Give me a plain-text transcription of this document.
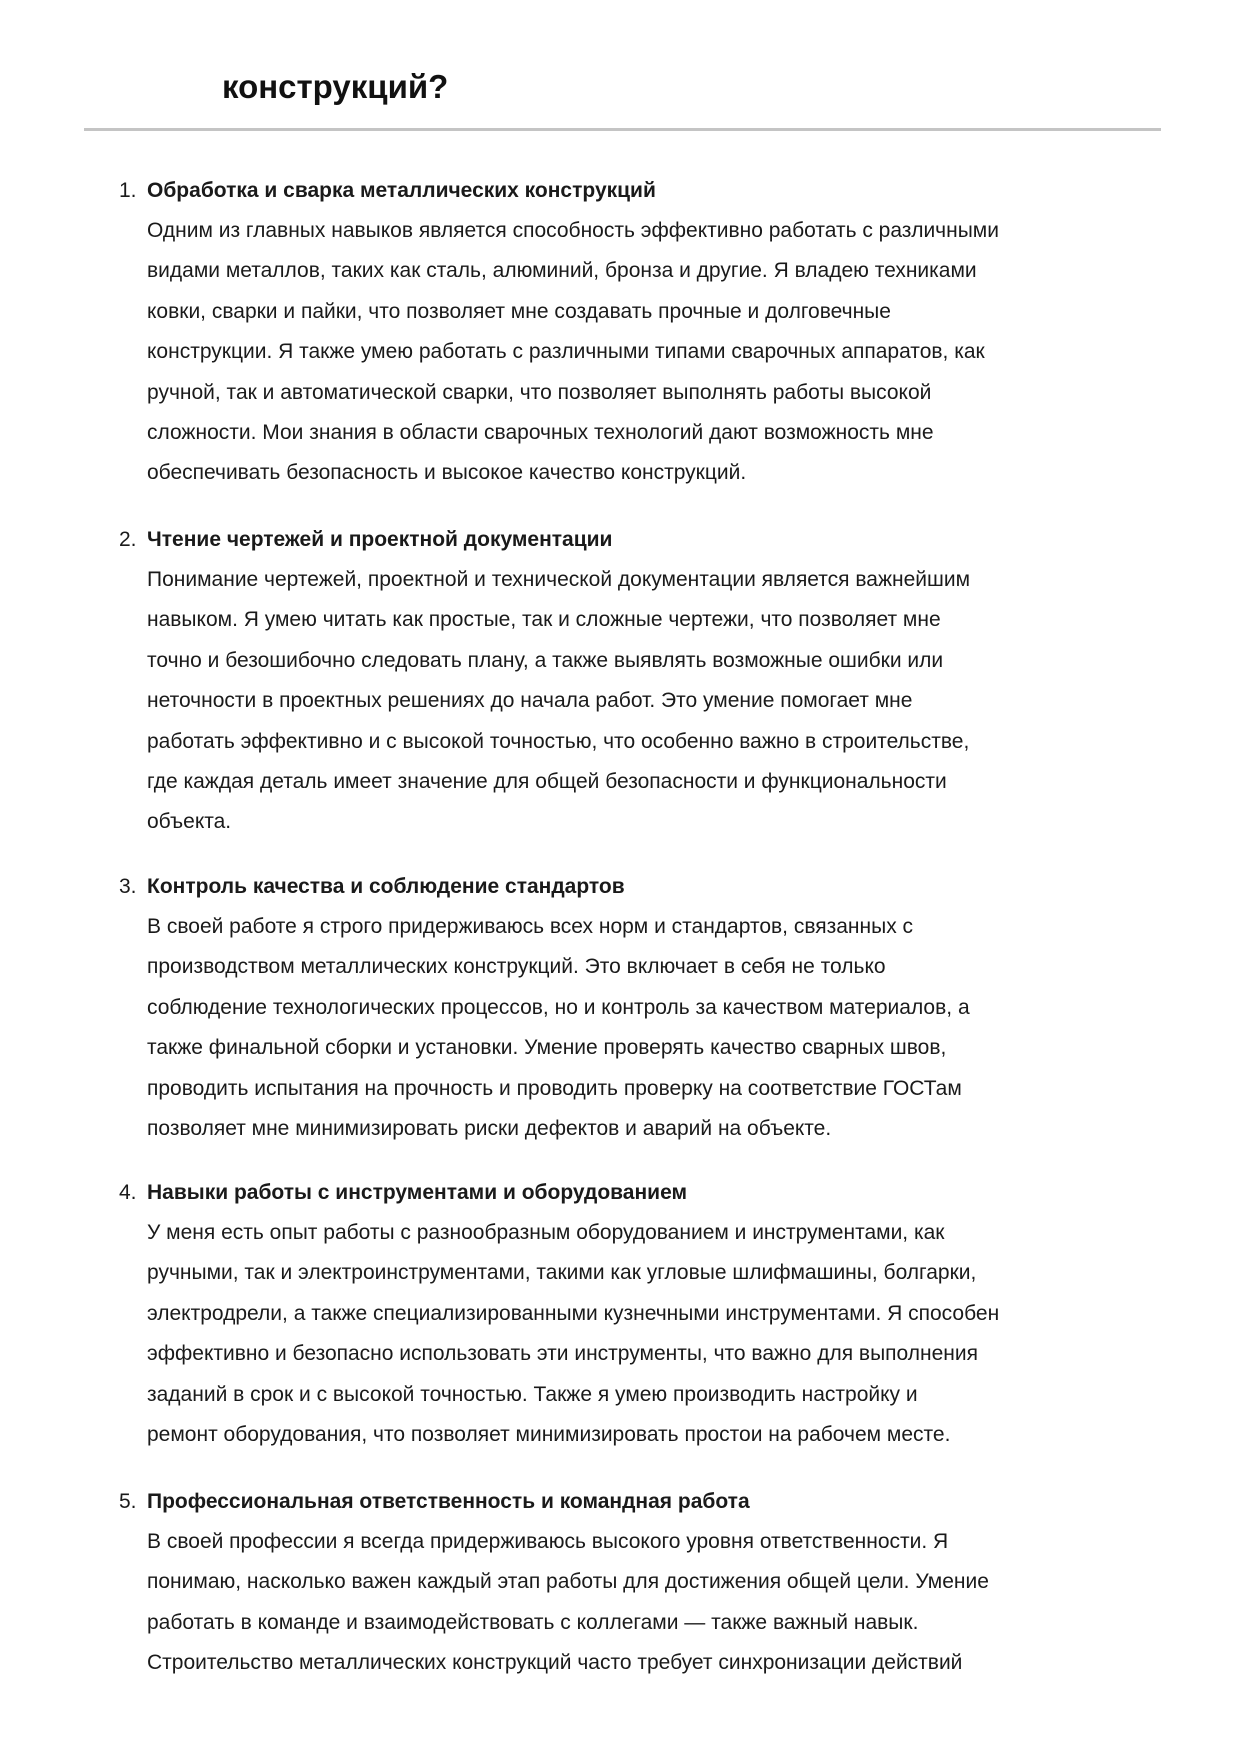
конструкций?
1. Обработка и сварка металлических конструкций
Одним из главных навыков является способность эффективно работать с различными
видами металлов, таких как сталь, алюминий, бронза и другие. Я владею техниками
ковки, сварки и пайки, что позволяет мне создавать прочные и долговечные
конструкции. Я также умею работать с различными типами сварочных аппаратов, как
ручной, так и автоматической сварки, что позволяет выполнять работы высокой
сложности. Мои знания в области сварочных технологий дают возможность мне
обеспечивать безопасность и высокое качество конструкций.
2. Чтение чертежей и проектной документации
Понимание чертежей, проектной и технической документации является важнейшим
навыком. Я умею читать как простые, так и сложные чертежи, что позволяет мне
точно и безошибочно следовать плану, а также выявлять возможные ошибки или
неточности в проектных решениях до начала работ. Это умение помогает мне
работать эффективно и с высокой точностью, что особенно важно в строительстве,
где каждая деталь имеет значение для общей безопасности и функциональности
объекта.
3. Контроль качества и соблюдение стандартов
В своей работе я строго придерживаюсь всех норм и стандартов, связанных с
производством металлических конструкций. Это включает в себя не только
соблюдение технологических процессов, но и контроль за качеством материалов, а
также финальной сборки и установки. Умение проверять качество сварных швов,
проводить испытания на прочность и проводить проверку на соответствие ГОСТам
позволяет мне минимизировать риски дефектов и аварий на объекте.
4. Навыки работы с инструментами и оборудованием
У меня есть опыт работы с разнообразным оборудованием и инструментами, как
ручными, так и электроинструментами, такими как угловые шлифмашины, болгарки,
электродрели, а также специализированными кузнечными инструментами. Я способен
эффективно и безопасно использовать эти инструменты, что важно для выполнения
заданий в срок и с высокой точностью. Также я умею производить настройку и
ремонт оборудования, что позволяет минимизировать простои на рабочем месте.
5. Профессиональная ответственность и командная работа
В своей профессии я всегда придерживаюсь высокого уровня ответственности. Я
понимаю, насколько важен каждый этап работы для достижения общей цели. Умение
работать в команде и взаимодействовать с коллегами — также важный навык.
Строительство металлических конструкций часто требует синхронизации действий
